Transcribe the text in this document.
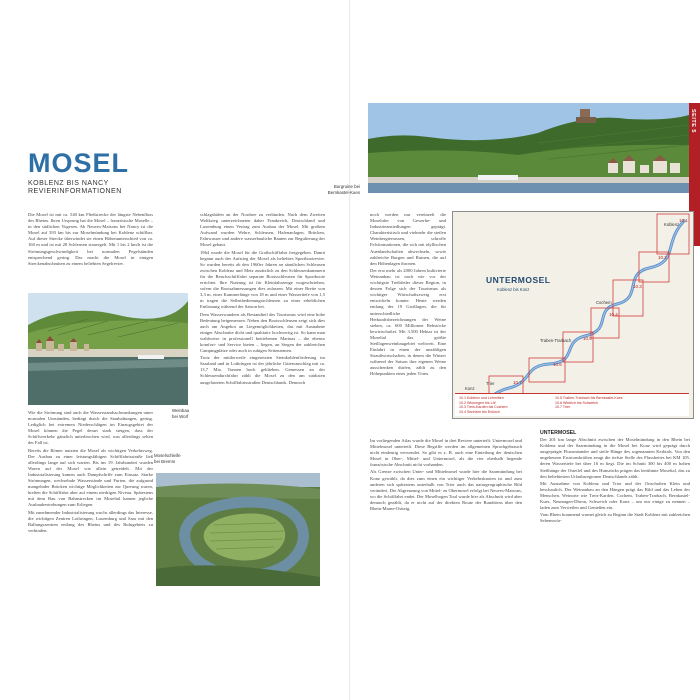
MOSEL
KOBLENZ BIS NANCY
REVIERINFORMATIONEN

Die Mosel ist mit ca. 540 km Fließstrecke der längste Nebenfluss des Rheins. Ihren Ursprung hat die Mosel – französische Moselle – in den südlichen Vogesen. Ab Neuves-Maisons bei Nancy ist die Mosel auf 393 km bis zur Moselmündung bei Koblenz schiffbar. Auf dieser Strecke überwindet sie einen Höhenunterschied von ca. 160 m und ist mit 28 Schleusen stauregelt. Mit 1 bis 2 km/h ist die Strömungsgeschwindigkeit bei normalen Pegelständen entsprechend gering. Das macht die Mosel in einigen Streckenabschnitten zu einem beliebten Segelrevier.

Weinbau
bei Worf

Wie die Strömung sind auch die Wasserstandsschwankungen unter normalen Umständen, bedingt durch die Stauhaltungen, gering. Lediglich bei extremen Niederschlägen im Einzugsgebiet der Mosel können die Pegel derart stark steigen, dass der Schiffsverkehr gänzlich unterbrochen wird, was allerdings selten der Fall ist.

Bereits die Römer nutzten die Mosel als wichtigen Verkehrsweg. Der Ausbau zu einer leistungsfähigen Schifffahrtsstraße ließ allerdings lange auf sich warten. Bis ins 19. Jahrhundert wurden Waren auf der Mosel wie allein getreidelt. Mit der Industrialisierung kamen auch Dampfschiffe zum Einsatz. Starke Strömungen, wechselnde Wasserstände und Furten, die aufgrund mangelnder Brücken wichtige Möglichkeiten zur Querung waren, hielten die Schifffahrt aber auf einem niedrigen Niveau. Spätestens mit dem Bau von Bahnstrecken im Moseltal kamen jegliche Ausbaubestrebungen zum Erliegen.

Mit zunehmender Industrialisierung wuchs allerdings das Interesse, die wichtigen Zentren Lothringen, Luxemburg und Saar mit den Ballungszentren entlang des Rheins und des Ruhrgebiets zu verbinden.

schlagshäfen an der Nordsee zu verbinden. Nach dem Zweiten Weltkrieg unterzeichneten daher Frankreich, Deutschland und Luxemburg einen Vertrag zum Ausbau der Mosel. Mit großem Aufwand wurden Wehre, Schleusen, Hafenanlagen, Brücken, Fahrwasser und andere wasserbauliche Bauten zur Regulierung der Mosel gebaut.

1964 wurde die Mosel für die Großschifffahrt freigegeben. Damit begann auch der Aufstieg der Mosel als beliebtes Sportbootrevier. So wurden bereits ab den 1960er Jahren an sämtlichen Schleusen zwischen Koblenz und Metz zusätzlich zu den Schleusenkammern für die Berufsschifffahrt separate Bootsschleusen für Sportboote errichtet. Ihre Nutzung ist für Kleinfahrzeuge vorgeschrieben, sofern die Bootsabmessungen dies zulassen. Mit einer Breite von 3,3 m, einer Kammerlänge von 18 m und einer Wassertiefe von 1,5 m tragen die Selbstbedienungsschleusen zu einer erheblichen Entlastung während der Saison bei.

Dem Wasserwandern als Bestandteil des Tourismus wird eine hohe Bedeutung beigemessen. Neben den Bootsschleusen zeigt sich dies auch am Angebot an Liegemöglichkeiten, das mit Ausnahme einiger Abschnitte dicht und qualitativ hochwertig ist. So kann man wahlweise in professionell betriebenen Marinas – die ebenso komfort- und Service bieten – liegen, an Stegen der zahlreichen Campingplätze oder auch in ruhigen Seitenarmen.

Trotz der mittlerweile eingesetzten Steinkohlenförderung im Saarland und in Lothringen ist der jährliche Güterumschlag mit ca. 13,7 Mio. Tonnen hoch geblieben. Gemessen an der Schleusendurchfahrt zählt die Mosel zu den am stärksten ausgelasteten Schifffahrtsstraßen Deutschlands. Dennoch

Moselschleife
bei Bremm
SEITE 5
Burgruine bei
Bernkastel-Kues

noch werden nur vereinzelt die Moselufer von Gewerbe- und Industrieansiedlungen geprägt. Charakteristisch und vielmehr die steilen Weinbergterrassen, schroffe Felsformationen, die sich mit idyllischen Auenlandschaften abwechseln, sowie zahlreiche Burgen und Ruinen, die auf den Höhenlagen thronen.

Der erst mehr als 2000 Jahren kultivierte Weinanbau ist nach wie vor der wichtigste Treibfeder dieser Region, in dessen Folge sich der Tourismus als wichtiger Wirtschaftszweig erst entwickeln konnte. Heute werden entlang der 19 Großlagen, die für unterschiedliche Herkunftsbezeichnungen der Weine stehen, ca. 600 Millionen Rebstöcke bewirtschaftet. Mit 3.500 Hektar ist der Moseltal das größte Steillagenweinbaugebiet weltweit. Eine Einfahrt in einen der unzähligen Straußwirtschaften, in denen die Winzer während der Saison ihre eigenen Weine ausschenken dürfen, zählt zu den Höhepunkten eines jeden Törns.

10.1
10.2
10.3
10.4
10.5
10.6
10.7
Koblenz
Trier
Cochem
Traben-Trarbach
Konz
UNTERMOSEL
Koblenz bis Konz
10.1 Koblenz und Lehmitten
10.2 Winningen bis Löf
10.3 Treis-Karden bis Cochem
10.4 Senheim bis Enkirch
10.5 Traben-Trarbach bis Bernkastel-Kues
10.6 Wintrich bis Schweich
10.7 Trier

Im vorliegenden Atlas wurde die Mosel in drei Reviere unterteilt: Untermosel und Mittelmosel unterteilt. Diese Begriffe werden im allgemeinen Sprachgebrauch nicht eindeutig verwendet. So gibt es z. B. auch eine Einteilung der deutschen Mosel in Ober-, Mittel- und Untermosel, als die vier oberhalb liegende französische Abschnitt nicht vorhanden.

Als Grenze zwischen Unter- und Mittelmosel wurde hier die Saarmündung bei Konz gewählt, da dies zum einen ein wichtiger Verkehrsknoten ist und zum anderen sich spätestens unterhalb von Trier auch das naturgeographische Bild verändert. Die Abgrenzung von Mittel- zu Obermosel erfolgt bei Neuves-Maisons, wo die Schifffahrt endet. Der Moselbogen Toul wurde hier als Abschnitt wird aber dennoch gezählt, da er nicht auf der direkten Route der Rundtörns über den Rhein-Marne-Ostteig.

UNTERMOSEL

Der 201 km lange Abschnitt zwischen der Moselmündung in den Rhein bei Koblenz und der Saarmündung in die Mosel bei Konz wird geprägt durch ausgeprägte Flussmäander und steile Hänge des sogenannten Kerbtals. Von den ungeheuren Erosionskräften zeugt die tiefste Stelle des Flussbettes bei KM 105, deren Wassertiefe bei über 16 m liegt. Die im Schnitt 300 bis 400 m hohen Steilhänge der Osteifel und des Hunsrücks prägen das berühmte Moseltal, das zu den beliebtesten Urlaubsregionen Deutschlands zählt.

Mit Ausnahme von Koblenz und Trier und der Ortschaften Klein und beschaulich. Der Weinanbau an den Hängen prägt das Bild und das Leben der Menschen. Weinorte wie Treis-Karden, Cochem, Traben-Trarbach, Bernkastel-Kues, Neumagen-Dhron, Schweich oder Konz – um nur einige zu nennen – laden zum Verweilen und Genießen ein.

Vom Rhein kommend warnet gleich zu Beginn die Stadt Koblenz mit zahlreichen Sehenswür-
